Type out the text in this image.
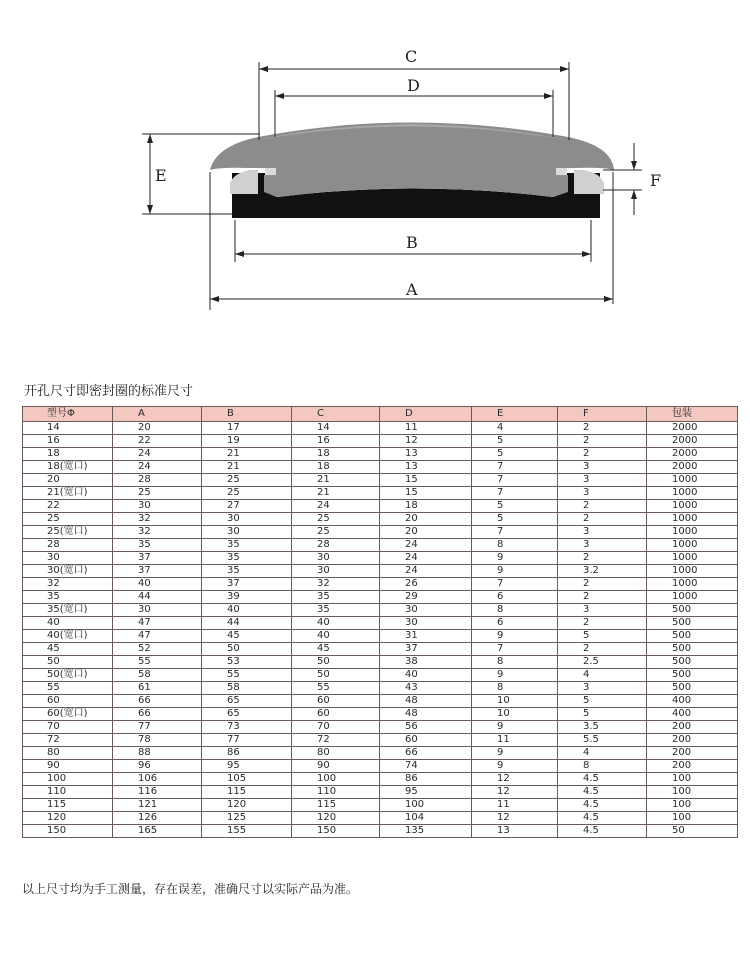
C
D
E	F
B
A
开孔尺寸即密封圈的标准尺寸
型号Φ	A	B	C	D	E	F	包装
14	20	17	14	11	4	2	2000
16	22	19	16	12	5	2	2000
18	24	21	18	13	5	2	2000
18(宽口)	24	21	18	13	7	3	2000
20	28	25	21	15	7	3	1000
21(宽口)	25	25	21	15	7	3	1000
22	30	27	24	18	5	2	1000
25	32	30	25	20	5	2	1000
25(宽口)	32	30	25	20	7	3	1000
28	35	35	28	24	8	3	1000
30	37	35	30	24	9	2	1000
30(宽口)	37	35	30	24	9	3.2	1000
32	40	37	32	26	7	2	1000
35	44	39	35	29	6	2	1000
35(宽口)	30	40	35	30	8	3	500
40	47	44	40	30	6	2	500
40(宽口)	47	45	40	31	9	5	500
45	52	50	45	37	7	2	500
50	55	53	50	38	8	2.5	500
50(宽口)	58	55	50	40	9	4	500
55	61	58	55	43	8	3	500
60	66	65	60	48	10	5	400
60(宽口)	66	65	60	48	10	5	400
70	77	73	70	56	9	3.5	200
72	78	77	72	60	11	5.5	200
80	88	86	80	66	9	4	200
90	96	95	90	74	9	8	200
100	106	105	100	86	12	4.5	100
110	116	115	110	95	12	4.5	100
115	121	120	115	100	11	4.5	100
120	126	125	120	104	12	4.5	100
150	165	155	150	135	13	4.5	50
以上尺寸均为手工测量，存在误差，准确尺寸以实际产品为准。
